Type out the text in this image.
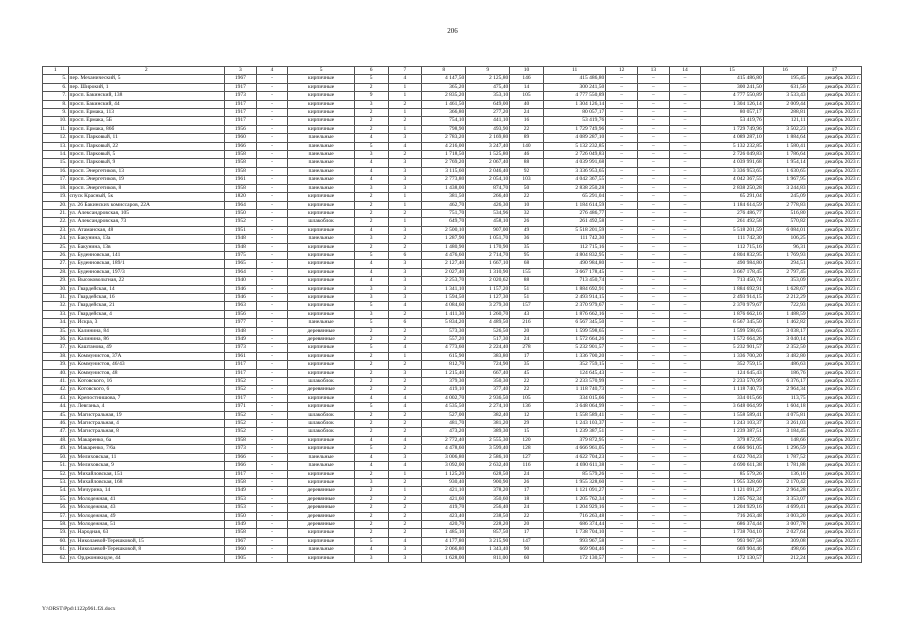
206
1	2	3	4	5	6	7	8	9	10	11	12	13	14	15	16	17
5.	пер. Механический, 5	1967	-	кирпичные	5	4	4 147,50	2 125,80	146	415 486,80	–	–	–	415 486,80	195,45	декабрь 2023 г.
6.	пер. Широкий, 1	1917	-	кирпичные	2	1	365,20	475,40	14	300 241,50	–	–	–	300 241,50	631,56	декабрь 2023 г.
7.	просп. Бакинский, 138	1973	-	кирпичные	9	1	2 835,20	353,10	105	4 777 550,89	–	–	–	4 777 550,89	3 533,43	декабрь 2023 г.
8.	просп. Бакинский, 44	1917	-	кирпичные	3	2	1 461,50	649,00	40	1 304 126,14	–	–	–	1 304 126,14	2 009,44	декабрь 2023 г.
9.	просп. Ермака, 113	1917	-	кирпичные	2	1	366,80	277,20	24	80 057,17	–	–	–	80 057,17	288,81	декабрь 2023 г.
10.	просп. Ермака, 5Б	1917	-	кирпичные	2	2	754,10	441,10	16	53 419,76	–	–	–	53 419,76	121,11	декабрь 2023 г.
11.	просп. Ермака, 86б	1956	-	кирпичные	2	1	798,90	493,90	22	1 729 749,96	–	–	–	1 729 749,96	3 502,23	декабрь 2023 г.
12.	просп. Парковый, 11	1960	-	панельные	4	3	2 783,20	2 169,80	89	4 089 287,10	–	–	–	4 089 287,10	1 884,64	декабрь 2023 г.
13.	просп. Парковый, 22	1966	-	панельные	5	4	4 216,00	3 247,40	140	5 132 232,85	–	–	–	5 132 232,85	1 580,41	декабрь 2023 г.
14.	просп. Парковый, 5	1958	-	панельные	3	2	1 718,50	1 525,80	46	2 726 049,83	–	–	–	2 726 049,83	1 786,64	декабрь 2023 г.
15.	просп. Парковый, 9	1958	-	панельные	4	3	2 769,20	2 067,40	88	4 039 991,68	–	–	–	4 039 991,68	1 954,14	декабрь 2023 г.
16.	просп. Энергетиков, 13	1958	-	панельные	4	3	3 115,60	2 046,40	92	3 336 953,65	–	–	–	3 336 953,65	1 630,65	декабрь 2023 г.
17.	просп. Энергетиков, 19	1961	-	панельные	4	3	2 773,80	2 054,10	103	4 042 367,55	–	–	–	4 042 367,55	1 967,95	декабрь 2023 г.
18.	просп. Энергетиков, 8	1958	-	панельные	3	3	1 438,00	874,70	50	2 838 250,28	–	–	–	2 838 250,28	3 244,83	декабрь 2023 г.
19.	спуск Красный, 5к	1820	-	кирпичные	2	1	381,50	266,40	22	65 291,04	–	–	–	65 291,04	245,09	декабрь 2023 г.
20.	ул. 26 Бакинских комиссаров, 22А	1964	-	кирпичные	2	1	462,70	426,30	10	1 184 614,59	–	–	–	1 184 614,59	2 778,83	декабрь 2023 г.
21.	ул. Александровская, 105	1950	-	кирпичные	2	2	751,70	534,96	32	276 486,77	–	–	–	276 486,77	516,80	декабрь 2023 г.
22.	ул. Александровская, 73	1952	-	шлакоблок	2	1	649,70	458,10	26	261 492,58	–	–	–	261 492,58	570,82	декабрь 2023 г.
23.	ул. Атаманская, 48	1951	-	кирпичные	4	3	2 500,10	907,00	49	5 518 201,59	–	–	–	5 518 201,59	6 084,01	декабрь 2023 г.
24.	ул. Бакунина, 13а	1948	-	панельные	3	2	1 287,90	1 051,70	36	111 742,30	–	–	–	111 742,30	106,25	декабрь 2023 г.
25.	ул. Бакунина, 13в	1948	-	кирпичные	2	2	1 480,90	1 170,90	35	112 715,16	–	–	–	112 715,16	96,31	декабрь 2023 г.
26.	ул. Буденновская, 141	1975	-	кирпичные	5	6	4 476,60	2 714,70	95	4 804 832,95	–	–	–	4 804 832,95	1 769,93	декабрь 2023 г.
27.	ул. Буденновская, 189/1	1965	-	кирпичные	4	3	2 127,40	1 667,10	68	490 984,80	–	–	–	490 984,80	294,51	декабрь 2023 г.
28.	ул. Буденновская, 197/3	1964	-	кирпичные	4	3	2 027,40	1 310,90	155	3 667 178,45	–	–	–	3 667 178,45	2 797,45	декабрь 2023 г.
29.	ул. Высоковольтная, 22	1940	-	кирпичные	4	3	2 253,70	2 020,62	88	713 450,74	–	–	–	713 450,74	353,09	декабрь 2023 г.
30.	ул. Гвардейская, 14	1946	-	кирпичные	3	3	1 341,10	1 157,20	51	1 884 692,91	–	–	–	1 884 692,91	1 628,67	декабрь 2023 г.
31.	ул. Гвардейская, 16	1946	-	кирпичные	3	3	1 594,50	1 127,30	51	2 493 914,15	–	–	–	2 493 914,15	2 212,29	декабрь 2023 г.
32.	ул. Гвардейская, 21	1963	-	кирпичные	5	4	4 084,60	3 279,30	157	2 370 979,67	–	–	–	2 370 979,67	722,93	декабрь 2023 г.
33.	ул. Гвардейская, 4	1956	-	кирпичные	3	2	1 411,30	1 260,70	43	1 876 662,16	–	–	–	1 876 662,16	1 488,59	декабрь 2023 г.
34.	ул. Искра, 3	1977	-	панельные	5	6	5 834,20	4 489,50	216	6 567 345,50	–	–	–	6 567 345,50	1 462,82	декабрь 2023 г.
35.	ул. Калинина, 84	1948	-	деревянные	2	2	573,30	526,50	20	1 599 598,65	–	–	–	1 599 598,65	3 038,17	декабрь 2023 г.
36.	ул. Калинина, 86	1949	-	деревянные	2	2	557,20	517,30	24	1 572 664,26	–	–	–	1 572 664,26	3 040,14	декабрь 2023 г.
37.	ул. Каштанова, 49	1973	-	кирпичные	5	4	4 773,60	2 224,40	278	5 232 901,57	–	–	–	5 232 901,57	2 352,50	декабрь 2023 г.
38.	ул. Коммунистов, 37А	1961	-	кирпичные	2	1	615,90	383,80	17	1 336 700,20	–	–	–	1 336 700,20	3 482,80	декабрь 2023 г.
39.	ул. Коммунистов, 46/43	1917	-	кирпичные	2	2	812,70	724,90	35	352 759,15	–	–	–	352 759,15	486,63	декабрь 2023 г.
40.	ул. Коммунистов, 48	1917	-	кирпичные	2	3	1 215,40	667,40	45	124 645,43	–	–	–	124 645,43	186,76	декабрь 2023 г.
41.	ул. Котовского, 16	1952	-	шлакоблок	2	2	379,30	350,30	22	2 233 570,99	–	–	–	2 233 570,99	6 376,17	декабрь 2023 г.
42.	ул. Котовского, 6	1952	-	деревянные	2	2	419,10	377,40	22	1 118 740,73	–	–	–	1 118 740,73	2 964,34	декабрь 2023 г.
43.	ул. Крепостнишова, 7	1917	-	кирпичные	4	4	4 002,70	2 936,50	105	334 015,66	–	–	–	334 015,66	113,75	декабрь 2023 г.
44.	ул. Левганьа, 4	1971	-	кирпичные	5	4	4 535,50	2 274,10	136	3 648 064,99	–	–	–	3 648 064,99	1 604,18	декабрь 2023 г.
45.	ул. Магистральная, 19	1952	-	шлакоблок	2	2	527,00	382,40	12	1 558 589,41	–	–	–	1 558 589,41	4 075,81	декабрь 2023 г.
46.	ул. Магистральная, 4	1952	-	шлакоблок	2	2	481,70	381,20	29	1 243 103,37	–	–	–	1 243 103,37	3 261,03	декабрь 2023 г.
47.	ул. Магистральная, 8	1952	-	шлакоблок	2	2	473,20	389,30	15	1 239 387,51	–	–	–	1 239 387,51	3 184,45	декабрь 2023 г.
48.	ул. Макаренко, 6а	1958	-	кирпичные	4	4	2 772,40	2 555,30	120	379 872,95	–	–	–	379 872,95	148,66	декабрь 2023 г.
49.	ул. Макаренко, 7/6а	1973	-	кирпичные	5	2	4 478,60	3 599,40	128	4 666 961,05	–	–	–	4 666 961,05	1 296,59	декабрь 2023 г.
50.	ул. Мелиховская, 11	1966	-	панельные	4	3	3 006,80	2 586,10	127	4 622 704,23	–	–	–	4 622 704,23	1 787,52	декабрь 2023 г.
51.	ул. Мелиховская, 9	1966	-	панельные	4	4	3 092,00	2 632,40	116	4 690 611,38	–	–	–	4 690 611,38	1 781,88	декабрь 2023 г.
52.	ул. Михайловская, 151	1917	-	кирпичные	2	1	1 125,20	628,50	24	85 579,26	–	–	–	85 579,26	136,16	декабрь 2023 г.
53.	ул. Михайловская, 168	1958	-	кирпичные	3	2	930,40	900,90	26	1 955 328,60	–	–	–	1 955 328,60	2 170,42	декабрь 2023 г.
54.	ул. Мичурина, 14	1949	-	деревянные	2	1	421,10	378,20	17	1 121 091,27	–	–	–	1 121 091,27	2 964,28	декабрь 2023 г.
55.	ул. Молодежная, 41	1953	-	деревянные	2	2	421,60	350,60	18	1 205 762,34	–	–	–	1 205 762,34	3 353,07	декабрь 2023 г.
56.	ул. Молодежная, 43	1953	-	деревянные	2	2	419,70	256,40	24	1 204 929,16	–	–	–	1 204 929,16	4 699,41	декабрь 2023 г.
57.	ул. Молодежная, 49	1950	-	деревянные	2	2	423,40	238,50	22	716 263,48	–	–	–	716 263,48	3 003,20	декабрь 2023 г.
58.	ул. Молодежная, 51	1949	-	деревянные	2	2	420,70	228,20	20	686 374,44	–	–	–	686 374,44	3 007,78	декабрь 2023 г.
59.	ул. Народная, 63	1958	-	кирпичные	2	2	1 485,10	857,50	17	1 738 704,10	–	–	–	1 738 704,10	2 027,64	декабрь 2023 г.
60.	ул. Николаевой-Терешковой, 15	1967	-	кирпичные	5	4	4 177,80	3 215,90	147	993 967,58	–	–	–	993 967,58	309,08	декабрь 2023 г.
61.	ул. Николаевой-Терешковой, 8	1960	-	панельные	4	3	2 066,80	1 343,40	90	669 904,46	–	–	–	669 904,46	498,66	декабрь 2023 г.
62.	ул. Орджоникидзе, 44	1905	-	кирпичные	3	3	1 628,00	811,00	60	172 130,57	–	–	–	172 130,57	212,24	декабрь 2023 г.
Y:\ORST\Ppd\1122p961.f2i.docx
